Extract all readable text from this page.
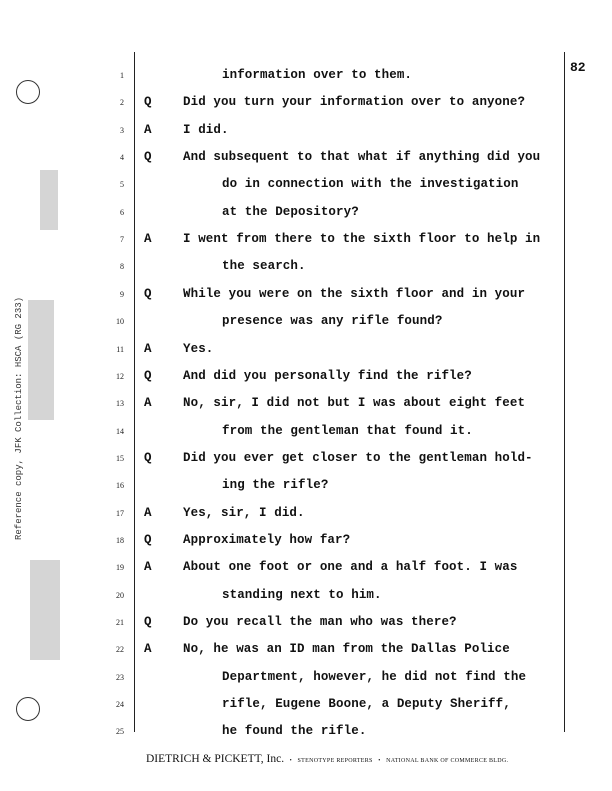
Reference copy, JFK Collection: HSCA (RG 233)
82
1	information over to them.
2 Q	Did you turn your information over to anyone?
3 A	I did.
4 Q	And subsequent to that what if anything did you
5	do in connection with the investigation
6	at the Depository?
7 A	I went from there to the sixth floor to help in
8	the search.
9 Q	While you were on the sixth floor and in your
10	presence was any rifle found?
11 A	Yes.
12 Q	And did you personally find the rifle?
13 A	No, sir, I did not but I was about eight feet
14	from the gentleman that found it.
15 Q	Did you ever get closer to the gentleman hold-
16	ing the rifle?
17 A	Yes, sir, I did.
18 Q	Approximately how far?
19 A	About one foot or one and a half foot. I was
20	standing next to him.
21 Q	Do you recall the man who was there?
22 A	No, he was an ID man from the Dallas Police
23	Department, however, he did not find the
24	rifle, Eugene Boone, a Deputy Sheriff,
25	he found the rifle.
DIETRICH & PICKETT, Inc. • STENOTYPE REPORTERS • NATIONAL BANK OF COMMERCE BLDG.
